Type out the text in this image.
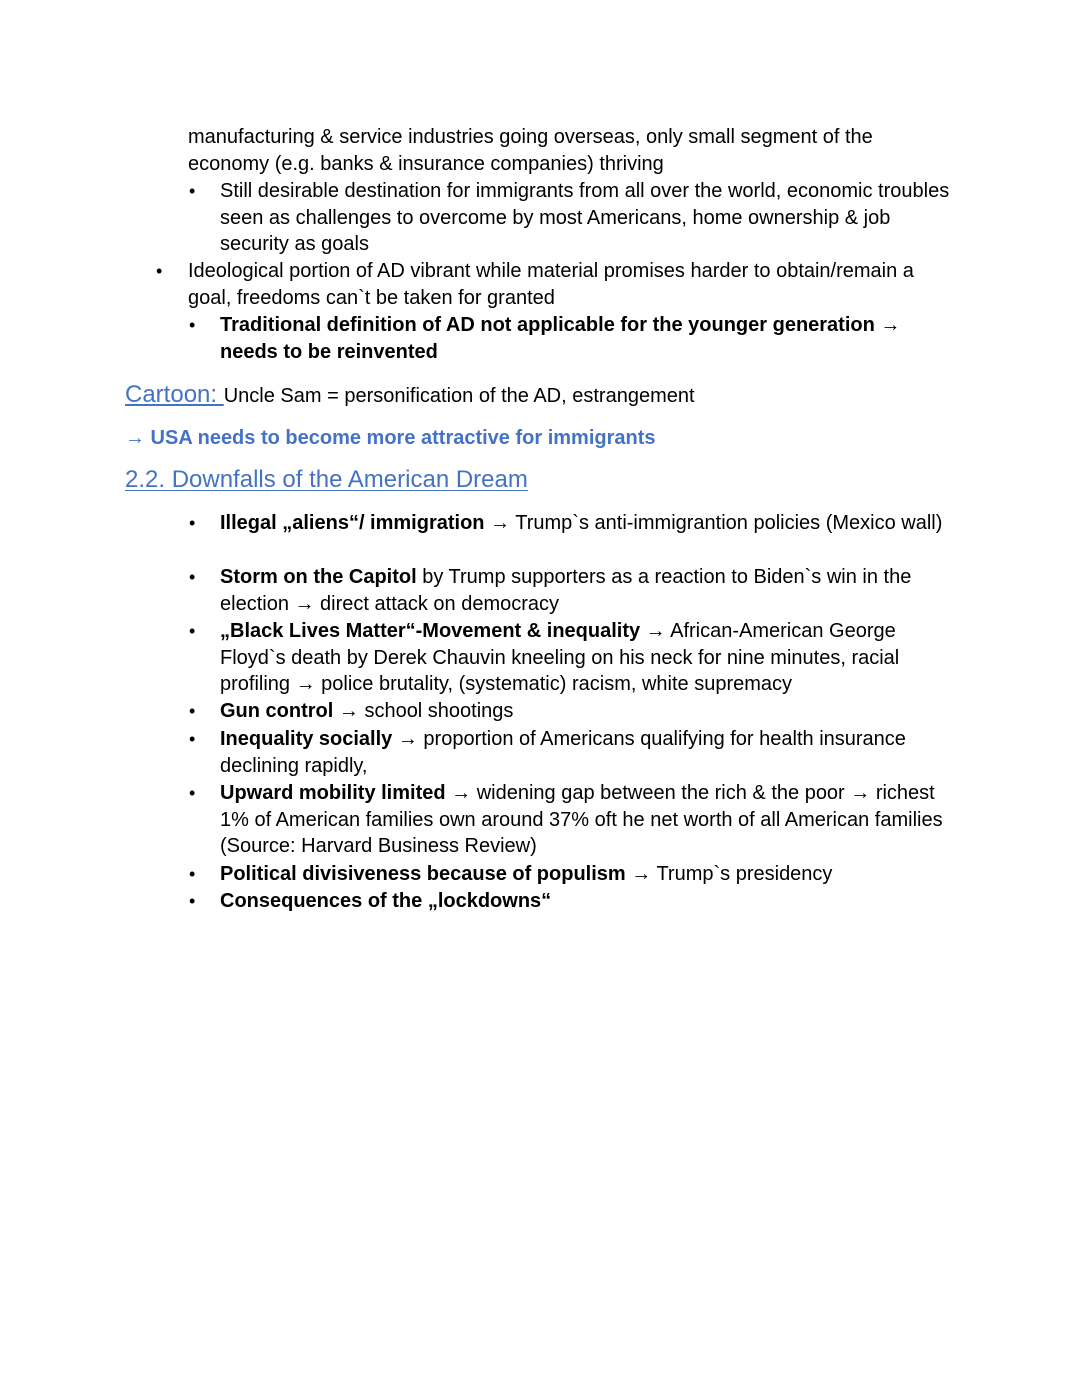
manufacturing & service industries going overseas, only small segment of the economy (e.g. banks & insurance companies) thriving
• Still desirable destination for immigrants from all over the world, economic troubles seen as challenges to overcome by most Americans, home ownership & job security as goals
• Ideological portion of AD vibrant while material promises harder to obtain/remain a goal, freedoms can`t be taken for granted
• Traditional definition of AD not applicable for the younger generation → needs to be reinvented
Cartoon: Uncle Sam = personification of the AD, estrangement
→ USA needs to become more attractive for immigrants
2.2. Downfalls of the American Dream
• Illegal „aliens“/ immigration → Trump`s anti-immigrantion policies (Mexico wall)
• Storm on the Capitol by Trump supporters as a reaction to Biden`s win in the election → direct attack on democracy
• „Black Lives Matter“-Movement & inequality → African-American George Floyd`s death by Derek Chauvin kneeling on his neck for nine minutes, racial profiling → police brutality, (systematic) racism, white supremacy
• Gun control → school shootings
• Inequality socially → proportion of Americans qualifying for health insurance declining rapidly,
• Upward mobility limited → widening gap between the rich & the poor → richest 1% of American families own around 37% oft he net worth of all American families (Source: Harvard Business Review)
• Political divisiveness because of populism → Trump`s presidency
• Consequences of the „lockdowns“
